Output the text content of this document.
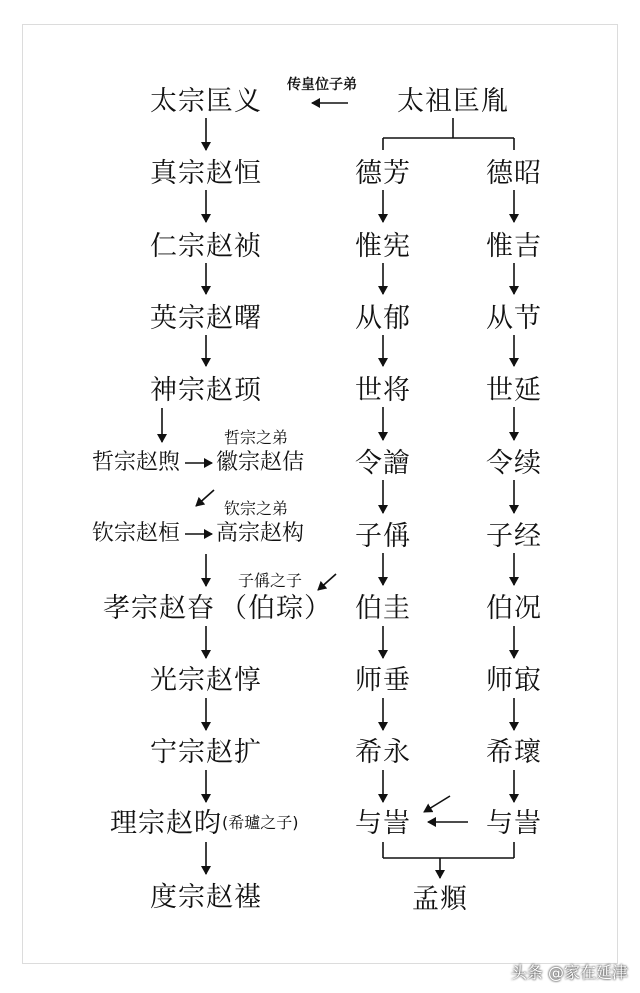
太宗匡义
真宗赵恒
仁宗赵祯
英宗赵曙
神宗赵顼
哲宗赵煦 徽宗赵佶
钦宗赵桓 高宗赵构
孝宗赵昚 （伯琮）
光宗赵惇
宁宗赵扩
理宗赵昀 (希瓐之子)
度宗赵禥
传皇位子弟
哲宗之弟
钦宗之弟
子偁之子
太祖匡胤
德芳
惟宪
从郁
世将
令譮
子偁
伯圭
师垂
希永
与訔
德昭
惟吉
从节
世延
令续
子经
伯况
师㝡
希瓌
与訔
孟頫
头条 @家在延津
